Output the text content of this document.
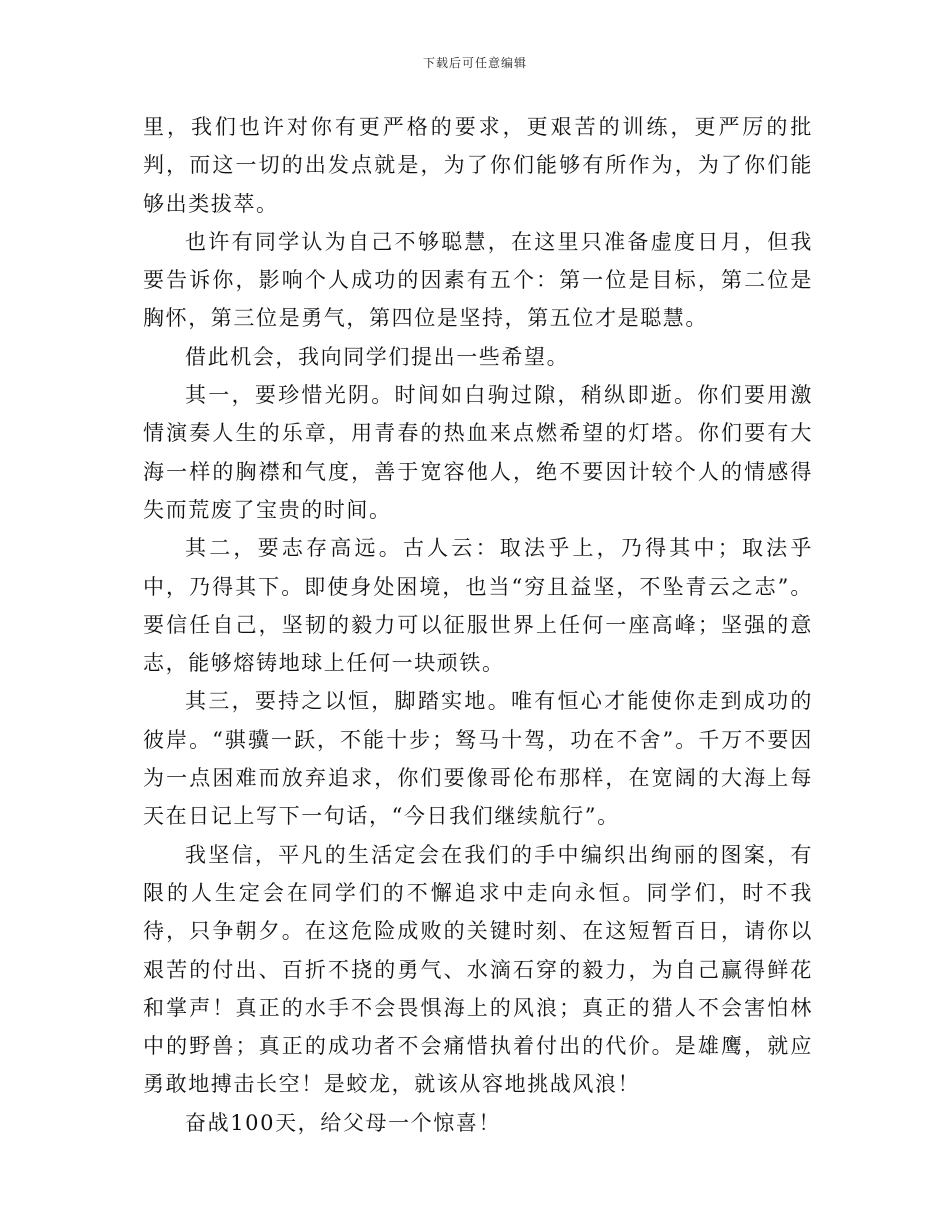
下载后可任意编辑

里，我们也许对你有更严格的要求，更艰苦的训练，更严厉的批判，而这一切的出发点就是，为了你们能够有所作为，为了你们能够出类拔萃。

也许有同学认为自己不够聪慧，在这里只准备虚度日月，但我要告诉你，影响个人成功的因素有五个：第一位是目标，第二位是胸怀，第三位是勇气，第四位是坚持，第五位才是聪慧。

借此机会，我向同学们提出一些希望。

其一，要珍惜光阴。时间如白驹过隙，稍纵即逝。你们要用激情演奏人生的乐章，用青春的热血来点燃希望的灯塔。你们要有大海一样的胸襟和气度，善于宽容他人，绝不要因计较个人的情感得失而荒废了宝贵的时间。

其二，要志存高远。古人云：取法乎上，乃得其中；取法乎中，乃得其下。即使身处困境，也当“穷且益坚，不坠青云之志”。要信任自己，坚韧的毅力可以征服世界上任何一座高峰；坚强的意志，能够熔铸地球上任何一块顽铁。

其三，要持之以恒，脚踏实地。唯有恒心才能使你走到成功的彼岸。“骐骥一跃，不能十步；驽马十驾，功在不舍”。千万不要因为一点困难而放弃追求，你们要像哥伦布那样，在宽阔的大海上每天在日记上写下一句话，“今日我们继续航行”。

我坚信，平凡的生活定会在我们的手中编织出绚丽的图案，有限的人生定会在同学们的不懈追求中走向永恒。同学们，时不我待，只争朝夕。在这危险成败的关键时刻、在这短暂百日，请你以艰苦的付出、百折不挠的勇气、水滴石穿的毅力，为自己赢得鲜花和掌声！真正的水手不会畏惧海上的风浪；真正的猎人不会害怕林中的野兽；真正的成功者不会痛惜执着付出的代价。是雄鹰，就应勇敢地搏击长空！是蛟龙，就该从容地挑战风浪！

奋战100天，给父母一个惊喜！
